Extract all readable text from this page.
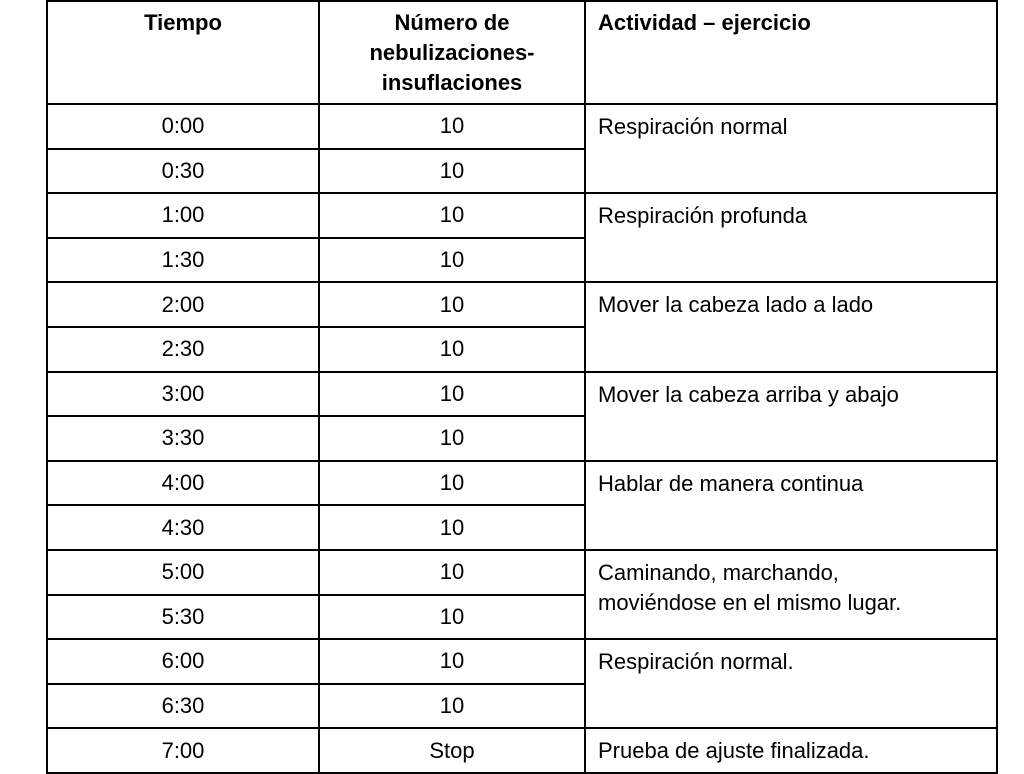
Tiempo	Número de
nebulizaciones-
insuflaciones	Actividad – ejercicio
0:00	10	Respiración normal

0:30	10	
1:00	10	Respiración profunda

1:30	10	
2:00	10	Mover la cabeza lado a lado

2:30	10	
3:00	10	Mover la cabeza arriba y abajo

3:30	10	
4:00	10	Hablar de manera continua

4:30	10	
5:00	10	Caminando, marchando,
moviéndose en el mismo lugar.

5:30	10	
6:00	10	Respiración normal.

6:30	10	
7:00	Stop	Prueba de ajuste finalizada.
